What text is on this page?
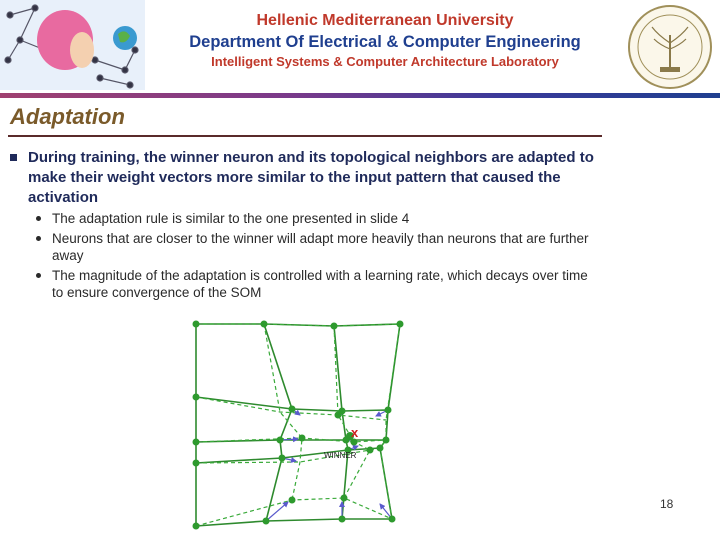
Hellenic Mediterranean University
Department Of Electrical & Computer Engineering
Intelligent Systems & Computer Architecture Laboratory
Adaptation
During training, the winner neuron and its topological neighbors are adapted to make their weight vectors more similar to the input pattern that caused the activation
The adaptation rule is similar to the one presented in slide 4
Neurons that are closer to the winner will adapt more heavily than neurons that are further away
The magnitude of the adaptation is controlled with a learning rate, which decays over time to ensure convergence of the SOM
x
WINNER
18
